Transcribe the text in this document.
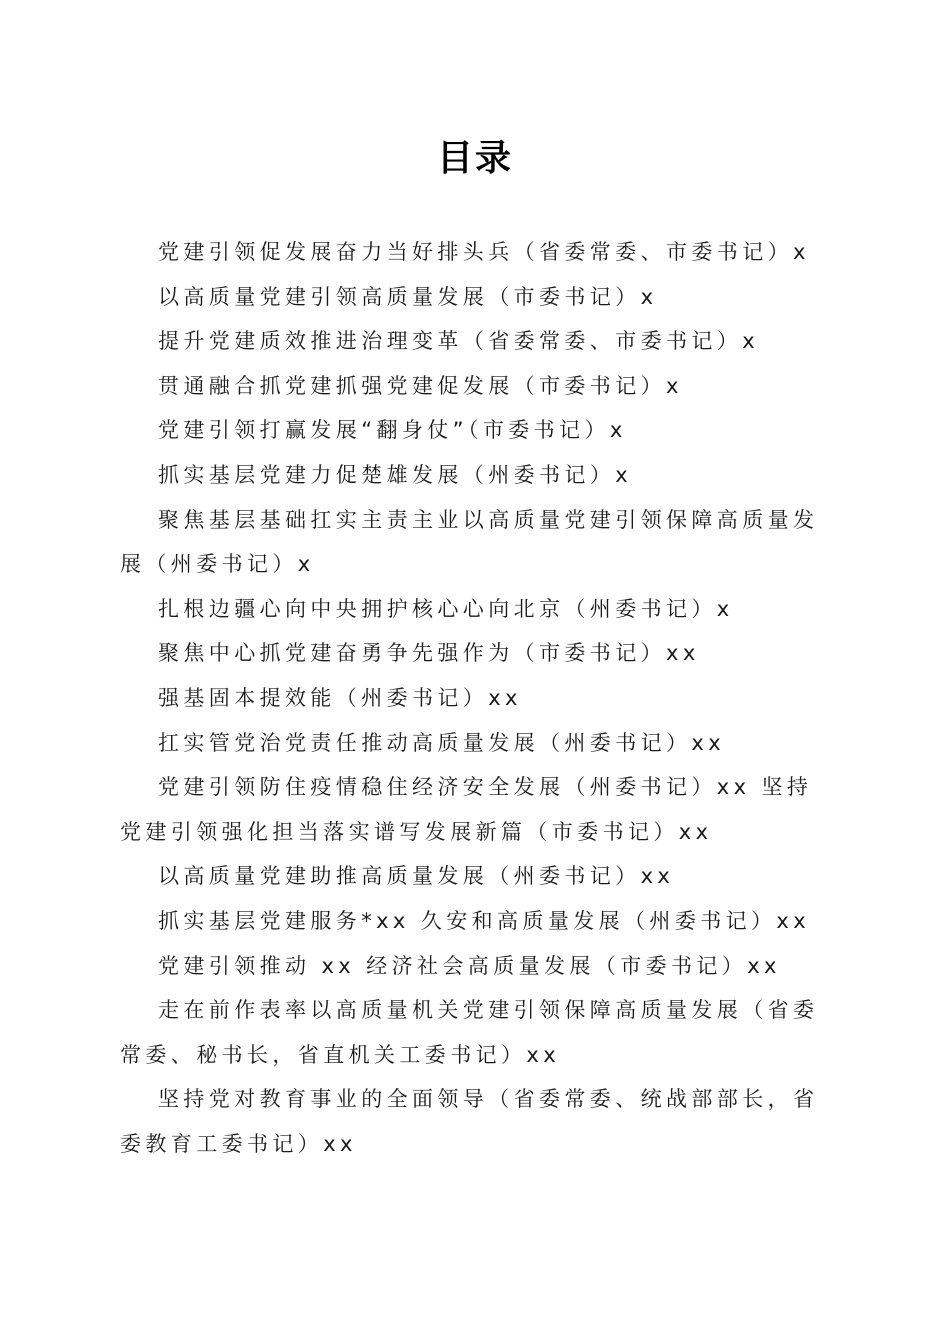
目录
党建引领促发展奋力当好排头兵（省委常委、市委书记）x
以高质量党建引领高质量发展（市委书记）x
提升党建质效推进治理变革（省委常委、市委书记）x
贯通融合抓党建抓强党建促发展（市委书记）x
党建引领打赢发展“翻身仗”（市委书记）x
抓实基层党建力促楚雄发展（州委书记）x
聚焦基层基础扛实主责主业以高质量党建引领保障高质量发展（州委书记）x
扎根边疆心向中央拥护核心心向北京（州委书记）x
聚焦中心抓党建奋勇争先强作为（市委书记）xx
强基固本提效能（州委书记）xx
扛实管党治党责任推动高质量发展（州委书记）xx
党建引领防住疫情稳住经济安全发展（州委书记）xx 坚持党建引领强化担当落实谱写发展新篇（市委书记）xx
以高质量党建助推高质量发展（州委书记）xx
抓实基层党建服务*xx 久安和高质量发展（州委书记）xx
党建引领推动 xx 经济社会高质量发展（市委书记）xx
走在前作表率以高质量机关党建引领保障高质量发展（省委常委、秘书长，省直机关工委书记）xx
坚持党对教育事业的全面领导（省委常委、统战部部长，省委教育工委书记）xx
